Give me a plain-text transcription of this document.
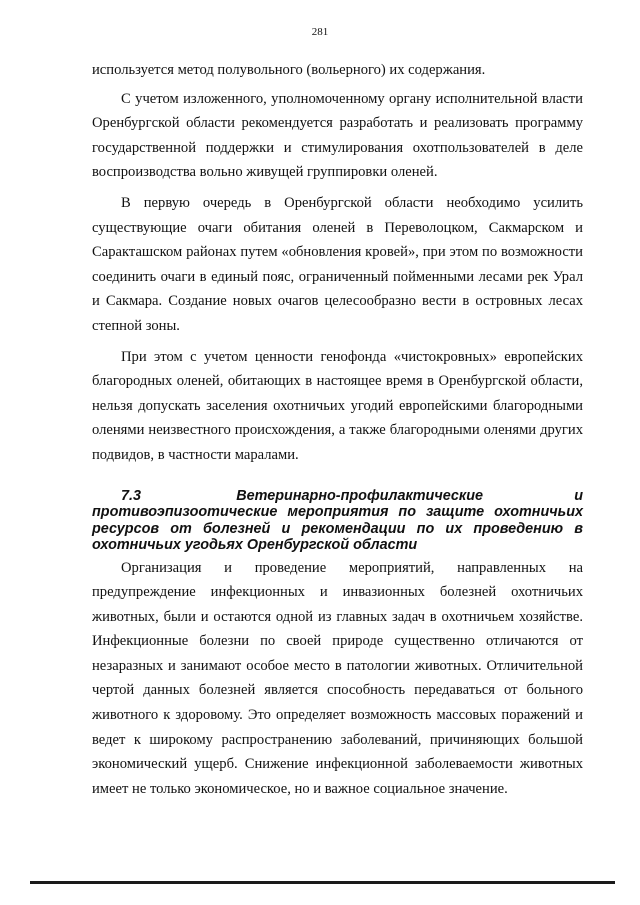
281

используется метод полувольного (вольерного) их содержания.

С учетом изложенного, уполномоченному органу исполнительной власти Оренбургской области рекомендуется разработать и реализовать программу государственной поддержки и стимулирования охотпользователей в деле воспроизводства вольно живущей группировки оленей.

В первую очередь в Оренбургской области необходимо усилить существующие очаги обитания оленей в Переволоцком, Сакмарском и Саракташском районах путем «обновления кровей», при этом по возможности соединить очаги в единый пояс, ограниченный пойменными лесами рек Урал и Сакмара. Создание новых очагов целесообразно вести в островных лесах степной зоны.

При этом с учетом ценности генофонда «чистокровных» европейских благородных оленей, обитающих в настоящее время в Оренбургской области, нельзя допускать заселения охотничьих угодий европейскими благородными оленями неизвестного происхождения, а также благородными оленями других подвидов, в частности маралами.

7.3	Ветеринарно-профилактические и противоэпизоотические мероприятия по защите охотничьих ресурсов от болезней и рекомендации по их проведению в охотничьих угодьях Оренбургской области

Организация и проведение мероприятий, направленных на предупреждение инфекционных и инвазионных болезней охотничьих животных, были и остаются одной из главных задач в охотничьем хозяйстве. Инфекционные болезни по своей природе существенно отличаются от незаразных и занимают особое место в патологии животных. Отличительной чертой данных болезней является способность передаваться от больного животного к здоровому. Это определяет возможность массовых поражений и ведет к широкому распространению заболеваний, причиняющих большой экономический ущерб. Снижение инфекционной заболеваемости животных имеет не только экономическое, но и важное социальное значение.
